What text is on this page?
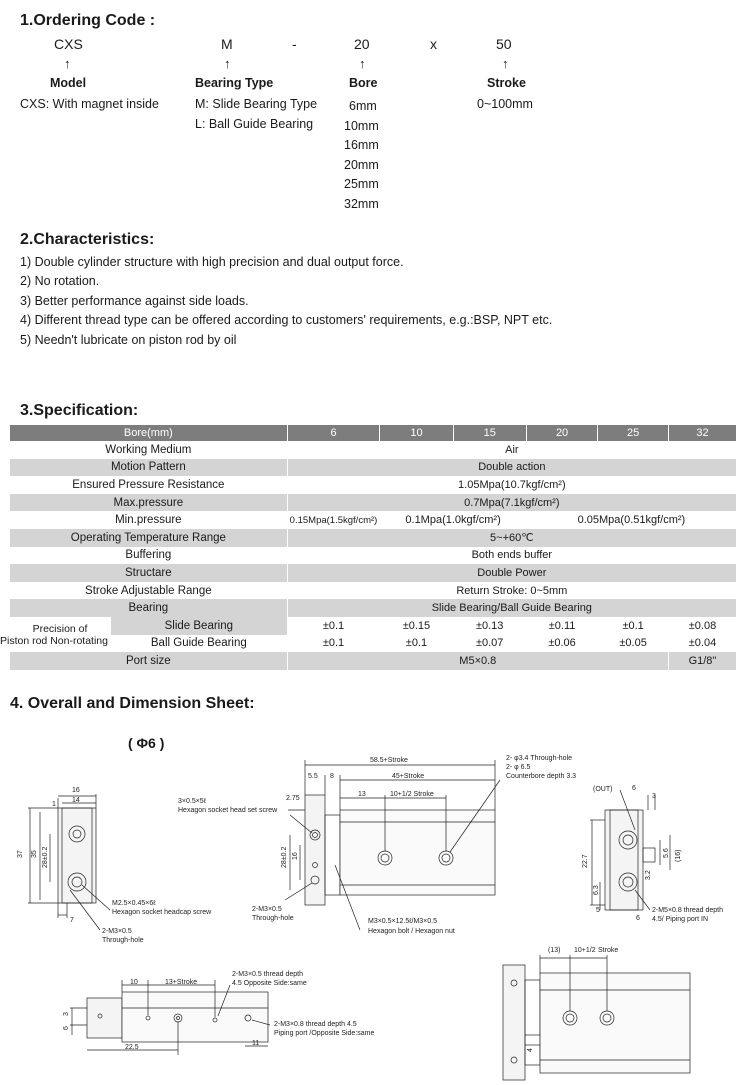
1.Ordering Code :
CXS	M	-	20	x	50
↑	↑	↑	↑
Model	Bearing Type	Bore	Stroke
CXS: With magnet inside	M: Slide Bearing Type
L: Ball Guide Bearing
0~100mm
6mm
10mm
16mm
20mm
25mm
32mm
2.Characteristics:
1) Double cylinder structure with high precision and dual output force.
2) No rotation.
3) Better performance against side loads.
4) Different thread type can be offered according to customers' requirements, e.g.:BSP, NPT etc.
5) Needn't lubricate on piston rod by oil
3.Specification:
Bore(mm)		6	10	15	20	25	32
Working Medium		Air					
Motion Pattern		Double action					
Ensured Pressure Resistance		1.05Mpa(10.7kgf/cm²)					
Max.pressure		0.7Mpa(7.1kgf/cm²)					
Min.pressure		0.15Mpa(1.5kgf/cm²)	0.1Mpa(1.0kgf/cm²)		0.05Mpa(0.51kgf/cm²)		
Operating Temperature Range		5~+60℃					
Buffering		Both ends buffer					
Structare		Double Power					
Stroke Adjustable Range		Return Stroke: 0~5mm					
Bearing		Slide Bearing/Ball Guide Bearing					

Precision of
Piston rod Non-rotating	Slide Bearing	±0.1	±0.15	±0.13	±0.11	±0.1	±0.08
	Ball Guide Bearing	±0.1	±0.1	±0.07	±0.06	±0.05	±0.04
Port size		M5×0.8					G1/8"
4. Overall and Dimension Sheet:
( Φ6 )
16
14
1
37 35 28±0.2
7
M2.5×0.45×6ℓ
Hexagon socket headcap screw
2-M3×0.5
Through-hole
58.5+Stroke
5.5 8	45+Stroke
2.75
13	10+1/2 Stroke
28±0.2 16
3×0.5×5ℓ
Hexagon socket head set screw
2-M3×0.5
Through-hole	M3×0.5×12.5ℓ/M3×0.5
Hexagon bolt / Hexagon nut
2- φ3.4 Through-hole
2- φ 6.5
Counterbore depth 3.3
(OUT)	6
3
22.7
5.6 (16)
3.2
6.3
5
6
2-M5×0.8 thread depth
4.5/ Piping port IN
10	13+Stroke
3
6
22.5
11
2-M3×0.5 thread depth
4.5 Opposite Side:same
2-M3×0.8 thread depth 4.5
Piping port /Opposite Side:same
(13) 10+1/2 Stroke
4
